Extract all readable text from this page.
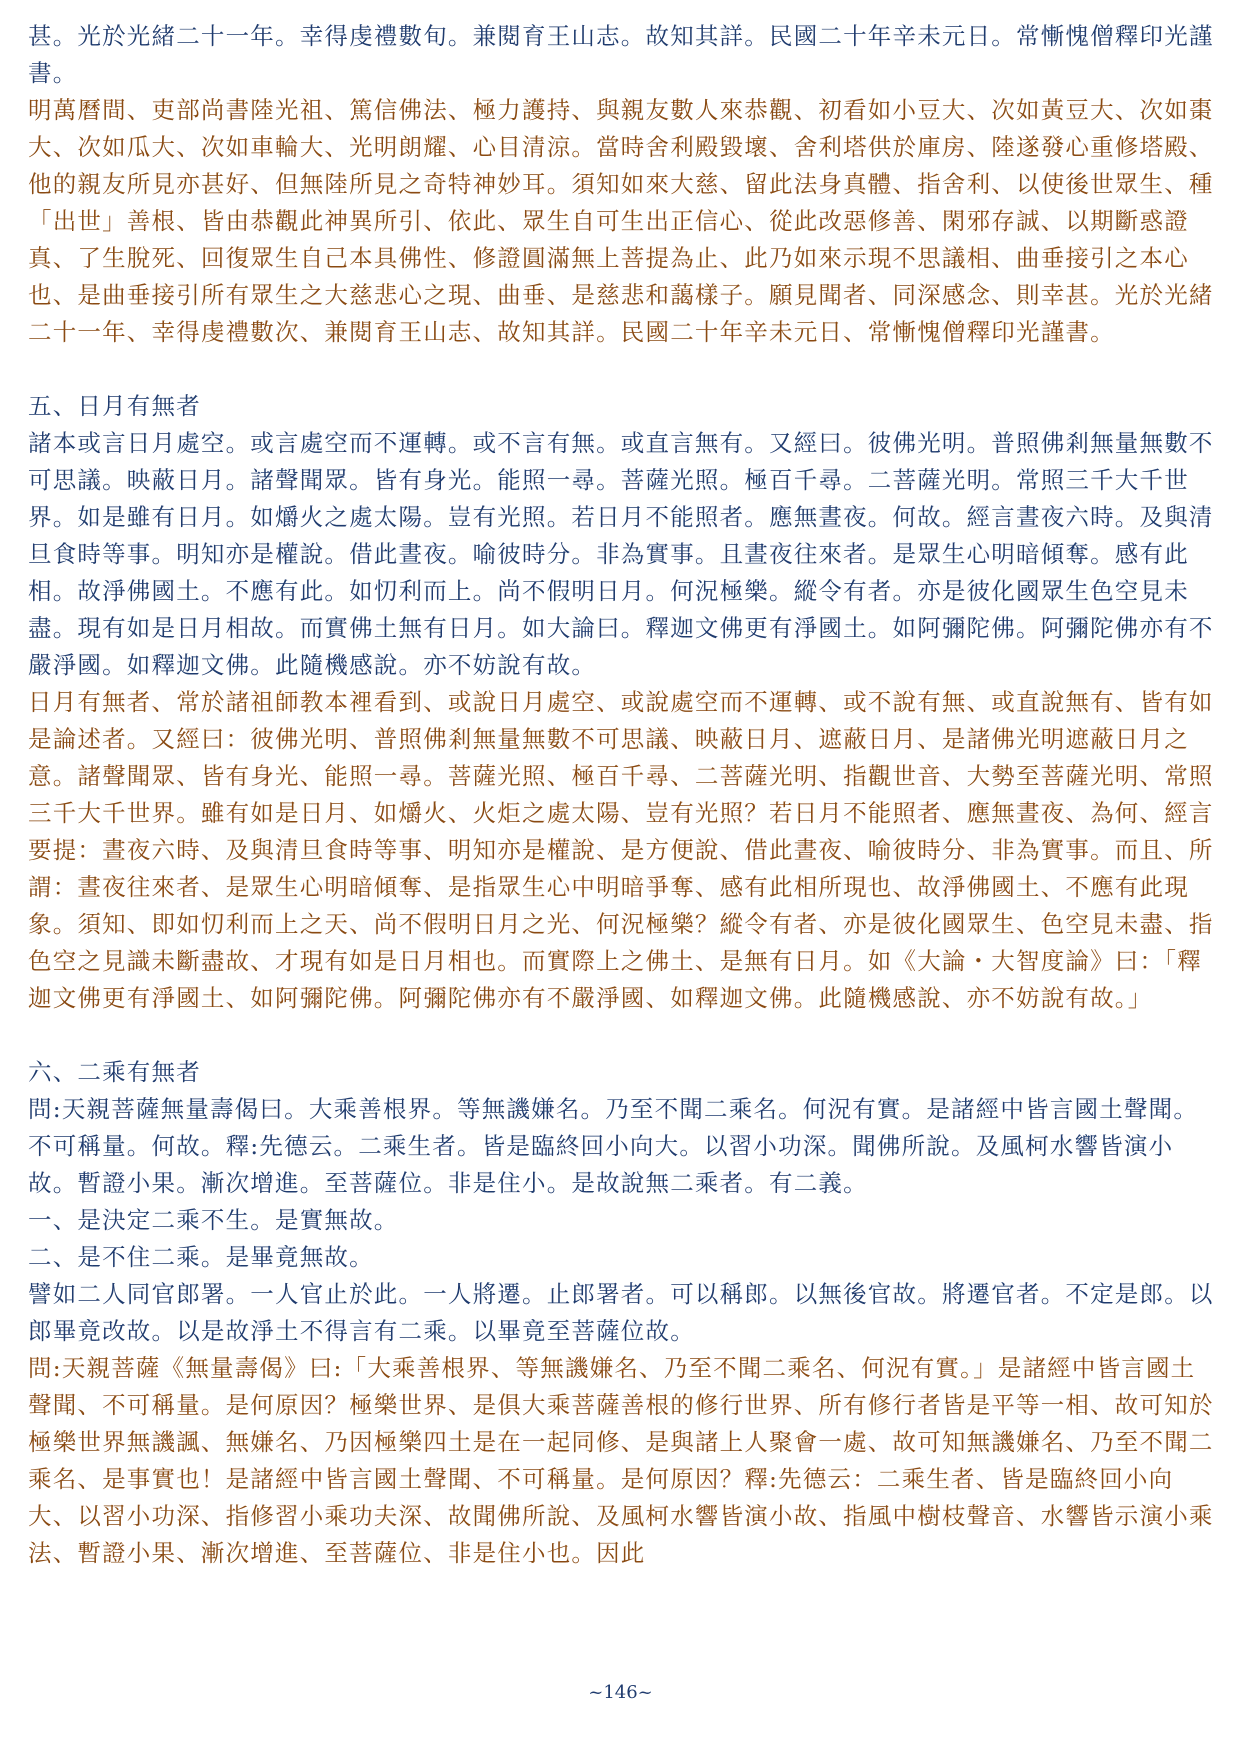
甚。光於光緒二十一年。幸得虔禮數旬。兼閱育王山志。故知其詳。民國二十年辛未元日。常慚愧僧釋印光謹書。

明萬曆間、吏部尚書陸光祖、篤信佛法、極力護持、與親友數人來恭觀、初看如小豆大、次如黃豆大、次如棗大、次如瓜大、次如車輪大、光明朗耀、心目清涼。當時舍利殿毀壞、舍利塔供於庫房、陸遂發心重修塔殿、他的親友所見亦甚好、但無陸所見之奇特神妙耳。須知如來大慈、留此法身真體、指舍利、以使後世眾生、種「出世」善根、皆由恭觀此神異所引、依此、眾生自可生出正信心、從此改惡修善、閑邪存誠、以期斷惑證真、了生脫死、回復眾生自己本具佛性、修證圓滿無上菩提為止、此乃如來示現不思議相、曲垂接引之本心也、是曲垂接引所有眾生之大慈悲心之現、曲垂、是慈悲和藹樣子。願見聞者、同深感念、則幸甚。光於光緒二十一年、幸得虔禮數次、兼閱育王山志、故知其詳。民國二十年辛未元日、常慚愧僧釋印光謹書。

五、日月有無者

諸本或言日月處空。或言處空而不運轉。或不言有無。或直言無有。又經曰。彼佛光明。普照佛剎無量無數不可思議。映蔽日月。諸聲聞眾。皆有身光。能照一尋。菩薩光照。極百千尋。二菩薩光明。常照三千大千世界。如是雖有日月。如爝火之處太陽。豈有光照。若日月不能照者。應無晝夜。何故。經言晝夜六時。及與清旦食時等事。明知亦是權說。借此晝夜。喻彼時分。非為實事。且晝夜往來者。是眾生心明暗傾奪。感有此相。故淨佛國土。不應有此。如忉利而上。尚不假明日月。何況極樂。縱令有者。亦是彼化國眾生色空見未盡。現有如是日月相故。而實佛土無有日月。如大論曰。釋迦文佛更有淨國土。如阿彌陀佛。阿彌陀佛亦有不嚴淨國。如釋迦文佛。此隨機感說。亦不妨說有故。

日月有無者、常於諸祖師教本裡看到、或說日月處空、或說處空而不運轉、或不說有無、或直說無有、皆有如是論述者。又經曰：彼佛光明、普照佛剎無量無數不可思議、映蔽日月、遮蔽日月、是諸佛光明遮蔽日月之意。諸聲聞眾、皆有身光、能照一尋。菩薩光照、極百千尋、二菩薩光明、指觀世音、大勢至菩薩光明、常照三千大千世界。雖有如是日月、如爝火、火炬之處太陽、豈有光照？若日月不能照者、應無晝夜、為何、經言要提：晝夜六時、及與清旦食時等事、明知亦是權說、是方便說、借此晝夜、喻彼時分、非為實事。而且、所謂：晝夜往來者、是眾生心明暗傾奪、是指眾生心中明暗爭奪、感有此相所現也、故淨佛國土、不應有此現象。須知、即如忉利而上之天、尚不假明日月之光、何況極樂？縱令有者、亦是彼化國眾生、色空見未盡、指色空之見識未斷盡故、才現有如是日月相也。而實際上之佛土、是無有日月。如《大論・大智度論》曰：「釋迦文佛更有淨國土、如阿彌陀佛。阿彌陀佛亦有不嚴淨國、如釋迦文佛。此隨機感說、亦不妨說有故。」

六、二乘有無者

問:天親菩薩無量壽偈曰。大乘善根界。等無譏嫌名。乃至不聞二乘名。何況有實。是諸經中皆言國土聲聞。不可稱量。何故。釋:先德云。二乘生者。皆是臨終回小向大。以習小功深。聞佛所說。及風柯水響皆演小故。暫證小果。漸次增進。至菩薩位。非是住小。是故說無二乘者。有二義。

一、是決定二乘不生。是實無故。

二、是不住二乘。是畢竟無故。

譬如二人同官郎署。一人官止於此。一人將遷。止郎署者。可以稱郎。以無後官故。將遷官者。不定是郎。以郎畢竟改故。以是故淨土不得言有二乘。以畢竟至菩薩位故。

問:天親菩薩《無量壽偈》曰:「大乘善根界、等無譏嫌名、乃至不聞二乘名、何況有實。」是諸經中皆言國土聲聞、不可稱量。是何原因？極樂世界、是俱大乘菩薩善根的修行世界、所有修行者皆是平等一相、故可知於極樂世界無譏諷、無嫌名、乃因極樂四土是在一起同修、是與諸上人聚會一處、故可知無譏嫌名、乃至不聞二乘名、是事實也！是諸經中皆言國土聲聞、不可稱量。是何原因？釋:先德云：二乘生者、皆是臨終回小向大、以習小功深、指修習小乘功夫深、故聞佛所說、及風柯水響皆演小故、指風中樹枝聲音、水響皆示演小乘法、暫證小果、漸次增進、至菩薩位、非是住小也。因此

~146~
